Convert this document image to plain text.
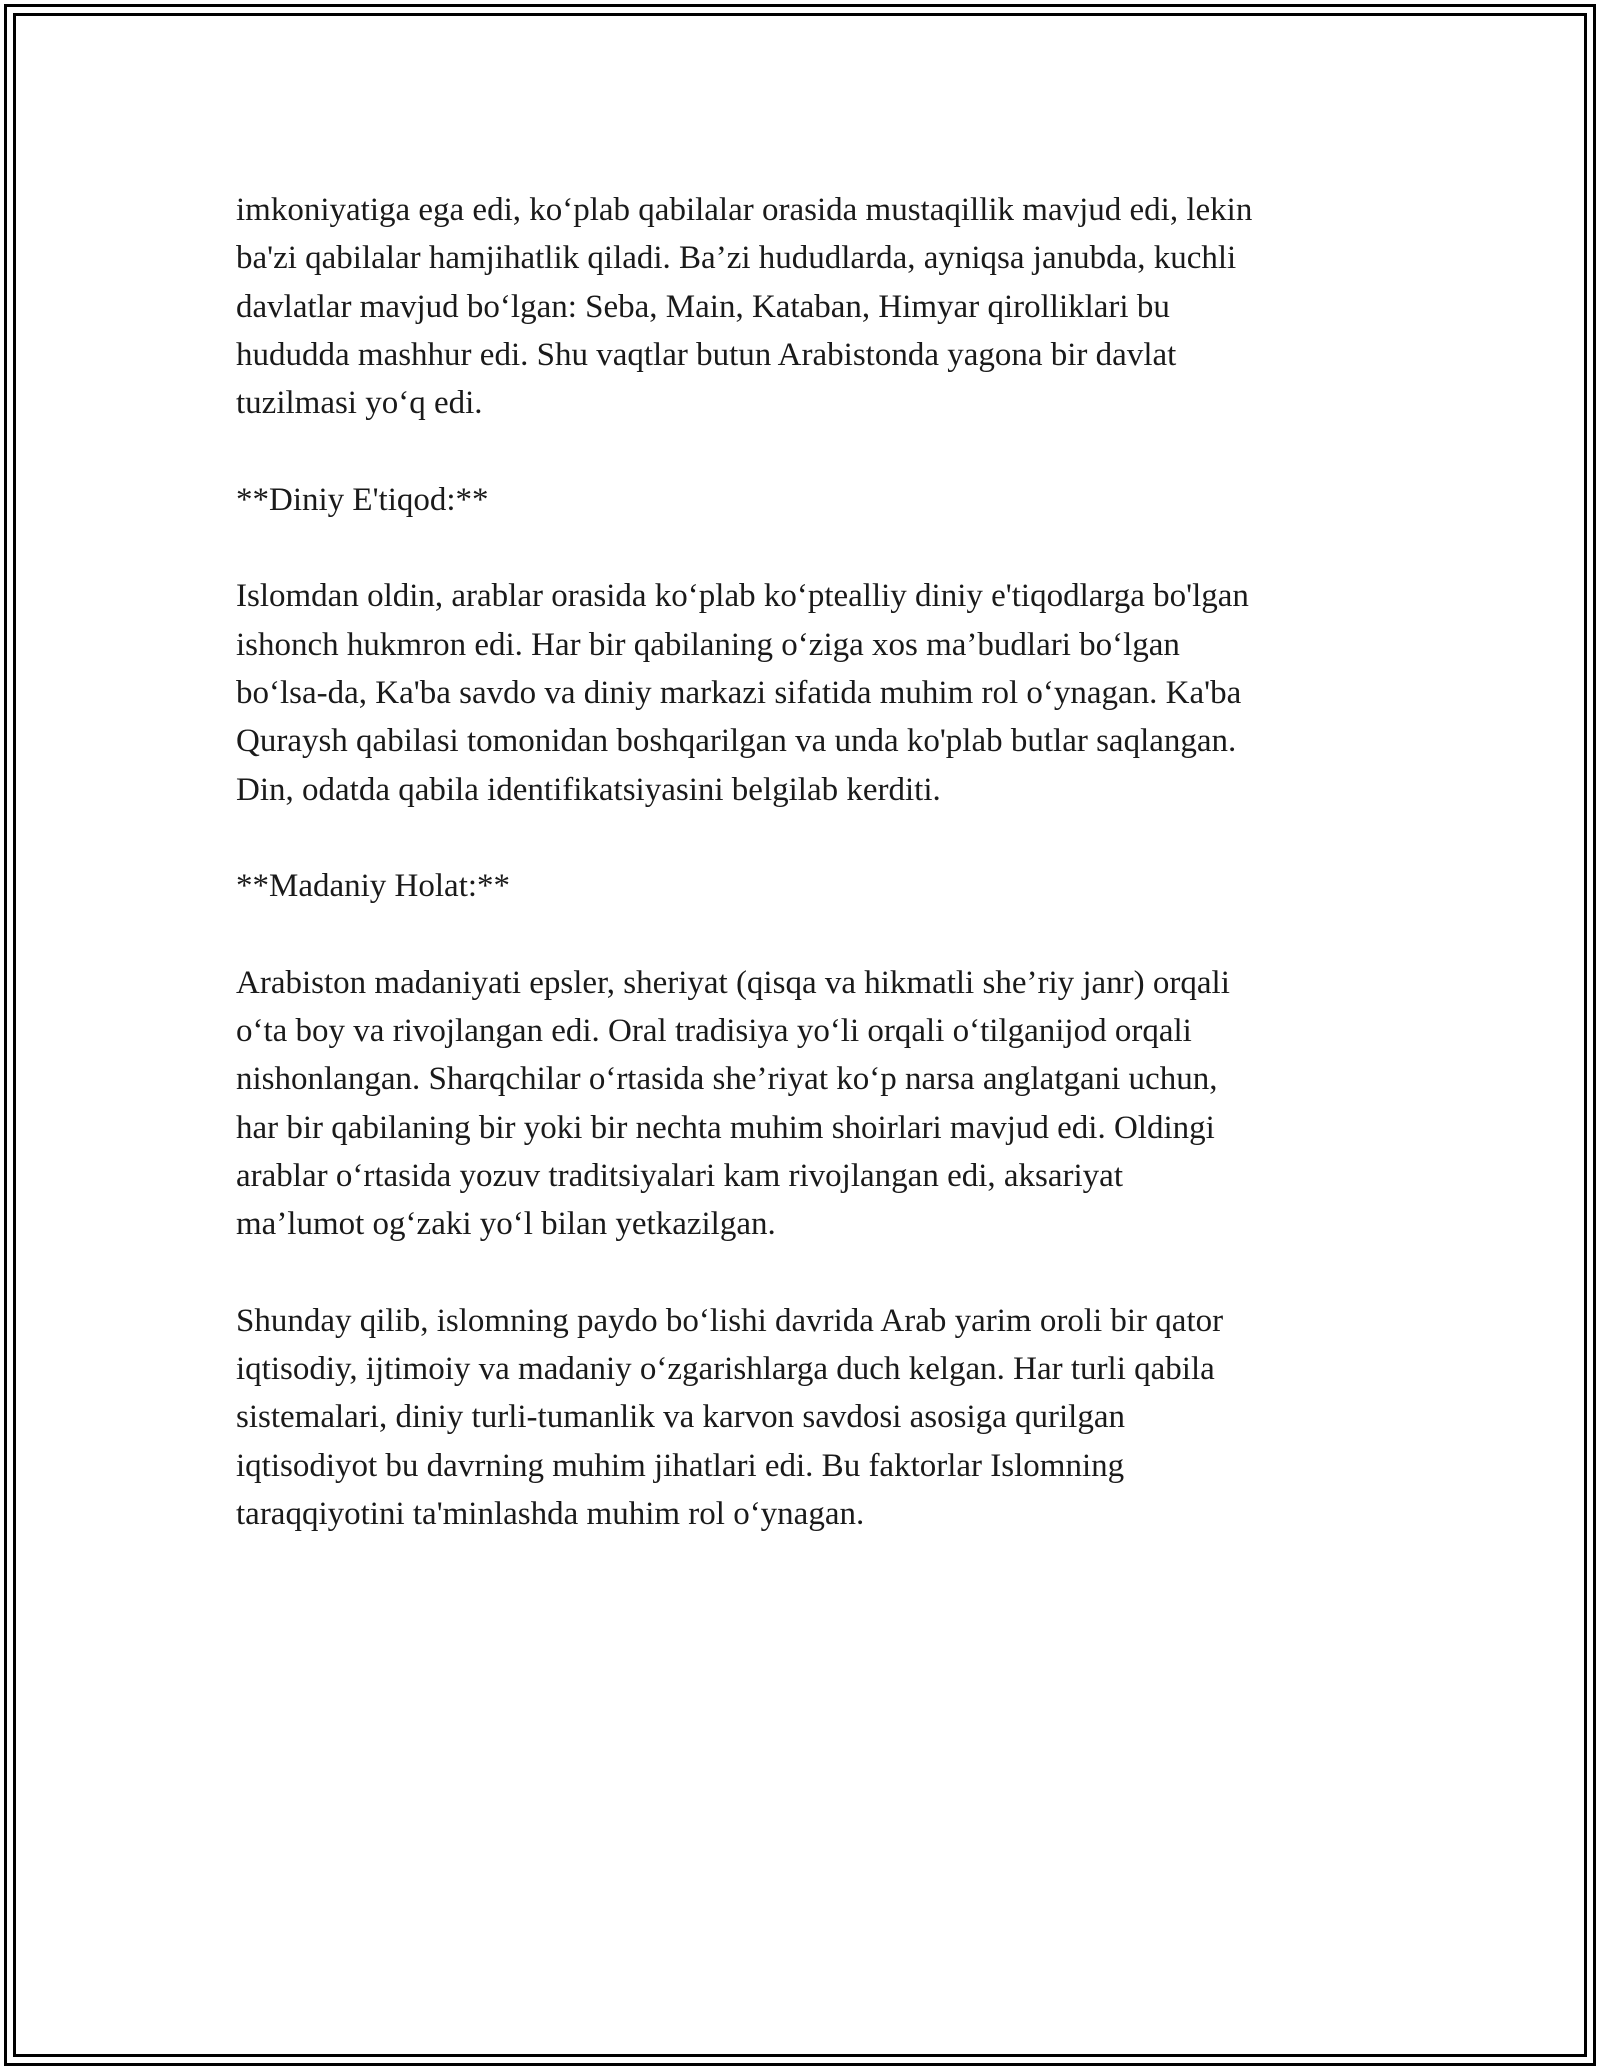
imkoniyatiga ega edi, ko‘plab qabilalar orasida mustaqillik mavjud edi, lekin
ba'zi qabilalar hamjihatlik qiladi. Ba’zi hududlarda, ayniqsa janubda, kuchli
davlatlar mavjud bo‘lgan: Seba, Main, Kataban, Himyar qirolliklari bu
hududda mashhur edi. Shu vaqtlar butun Arabistonda yagona bir davlat
tuzilmasi yo‘q edi.

**Diniy E'tiqod:**

Islomdan oldin, arablar orasida ko‘plab ko‘ptealliy diniy e'tiqodlarga bo'lgan
ishonch hukmron edi. Har bir qabilaning o‘ziga xos ma’budlari bo‘lgan
bo‘lsa-da, Ka'ba savdo va diniy markazi sifatida muhim rol o‘ynagan. Ka'ba
Quraysh qabilasi tomonidan boshqarilgan va unda ko'plab butlar saqlangan.
Din, odatda qabila identifikatsiyasini belgilab kerditi.

**Madaniy Holat:**

Arabiston madaniyati epsler, sheriyat (qisqa va hikmatli she’riy janr) orqali
o‘ta boy va rivojlangan edi. Oral tradisiya yo‘li orqali o‘tilganijod orqali
nishonlangan. Sharqchilar o‘rtasida she’riyat ko‘p narsa anglatgani uchun,
har bir qabilaning bir yoki bir nechta muhim shoirlari mavjud edi. Oldingi
arablar o‘rtasida yozuv traditsiyalari kam rivojlangan edi, aksariyat
ma’lumot og‘zaki yo‘l bilan yetkazilgan.

Shunday qilib, islomning paydo bo‘lishi davrida Arab yarim oroli bir qator
iqtisodiy, ijtimoiy va madaniy o‘zgarishlarga duch kelgan. Har turli qabila
sistemalari, diniy turli-tumanlik va karvon savdosi asosiga qurilgan
iqtisodiyot bu davrning muhim jihatlari edi. Bu faktorlar Islomning
taraqqiyotini ta'minlashda muhim rol o‘ynagan.
